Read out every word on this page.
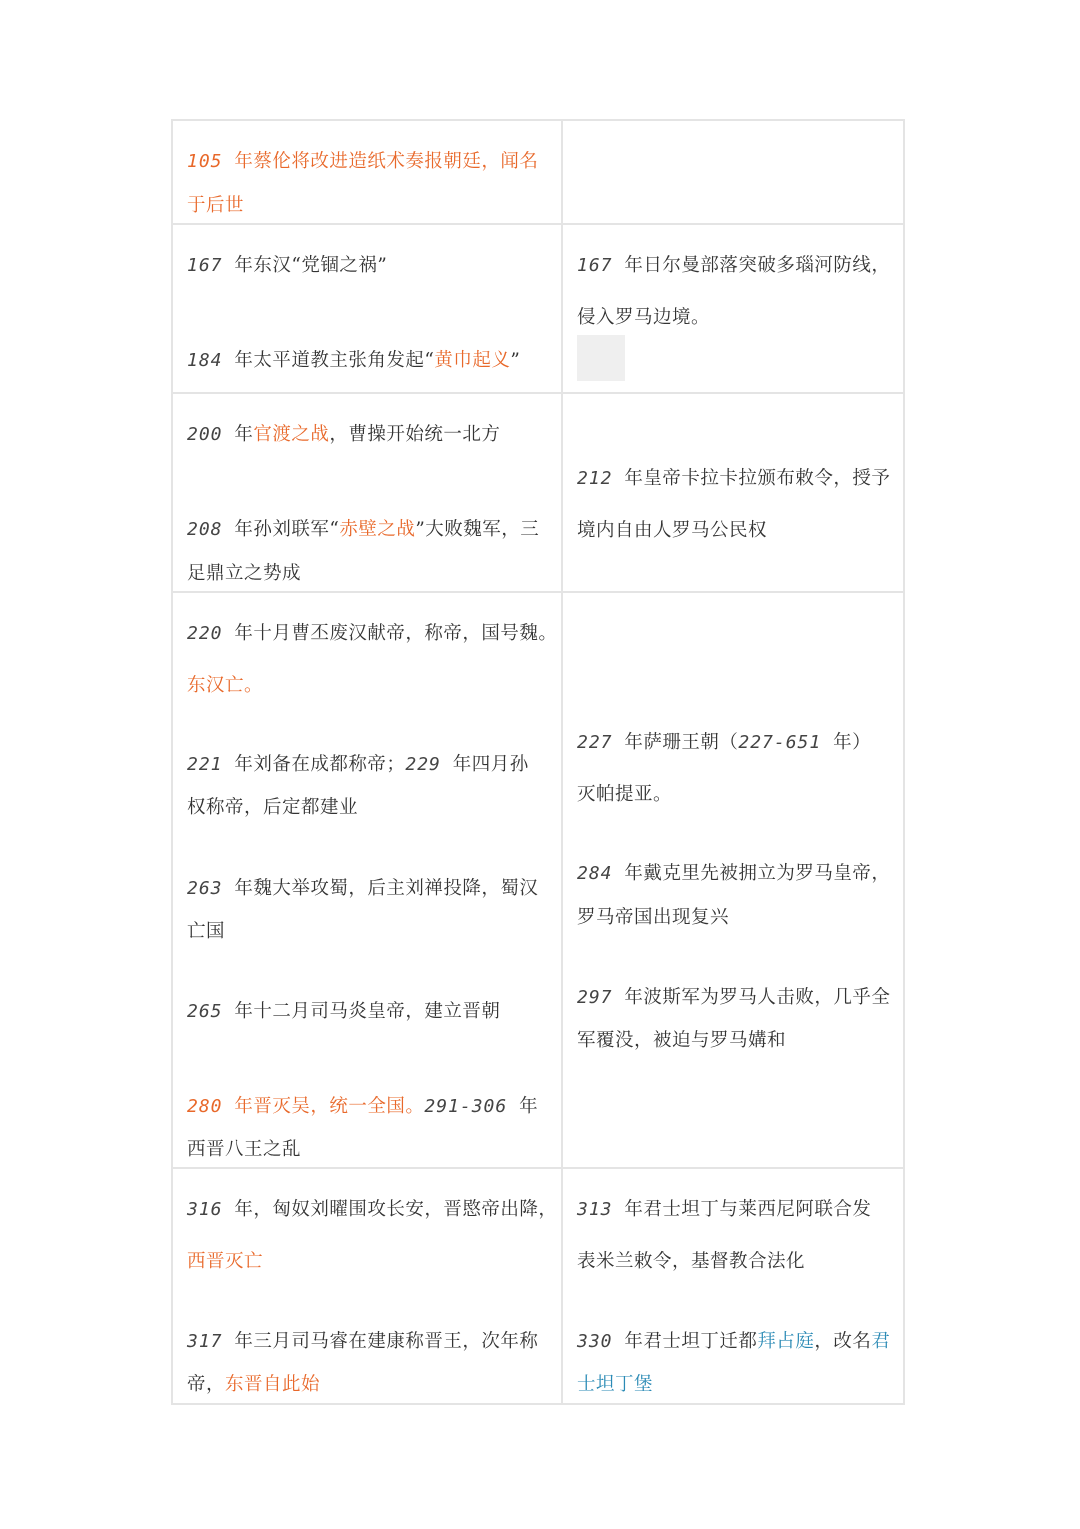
105 年蔡伦将改进造纸术奏报朝廷，闻名
于后世
167 年东汉“党锢之祸”
184 年太平道教主张角发起“黄巾起义”
167 年日尔曼部落突破多瑙河防线，
侵入罗马边境。
200 年官渡之战，曹操开始统一北方
208 年孙刘联军“赤壁之战”大败魏军，三
足鼎立之势成
212 年皇帝卡拉卡拉颁布敕令，授予
境内自由人罗马公民权
220 年十月曹丕废汉献帝，称帝，国号魏。
东汉亡。
221 年刘备在成都称帝；229 年四月孙
权称帝，后定都建业
263 年魏大举攻蜀，后主刘禅投降，蜀汉
亡国
265 年十二月司马炎皇帝，建立晋朝
280 年晋灭吴，统一全国。291-306 年
西晋八王之乱
227 年萨珊王朝（227-651 年）
灭帕提亚。
284 年戴克里先被拥立为罗马皇帝，
罗马帝国出现复兴
297 年波斯军为罗马人击败，几乎全
军覆没，被迫与罗马媾和
316 年，匈奴刘曜围攻长安，晋愍帝出降，
西晋灭亡
317 年三月司马睿在建康称晋王，次年称
帝，东晋自此始
313 年君士坦丁与莱西尼阿联合发
表米兰敕令，基督教合法化
330 年君士坦丁迁都拜占庭，改名君
士坦丁堡
